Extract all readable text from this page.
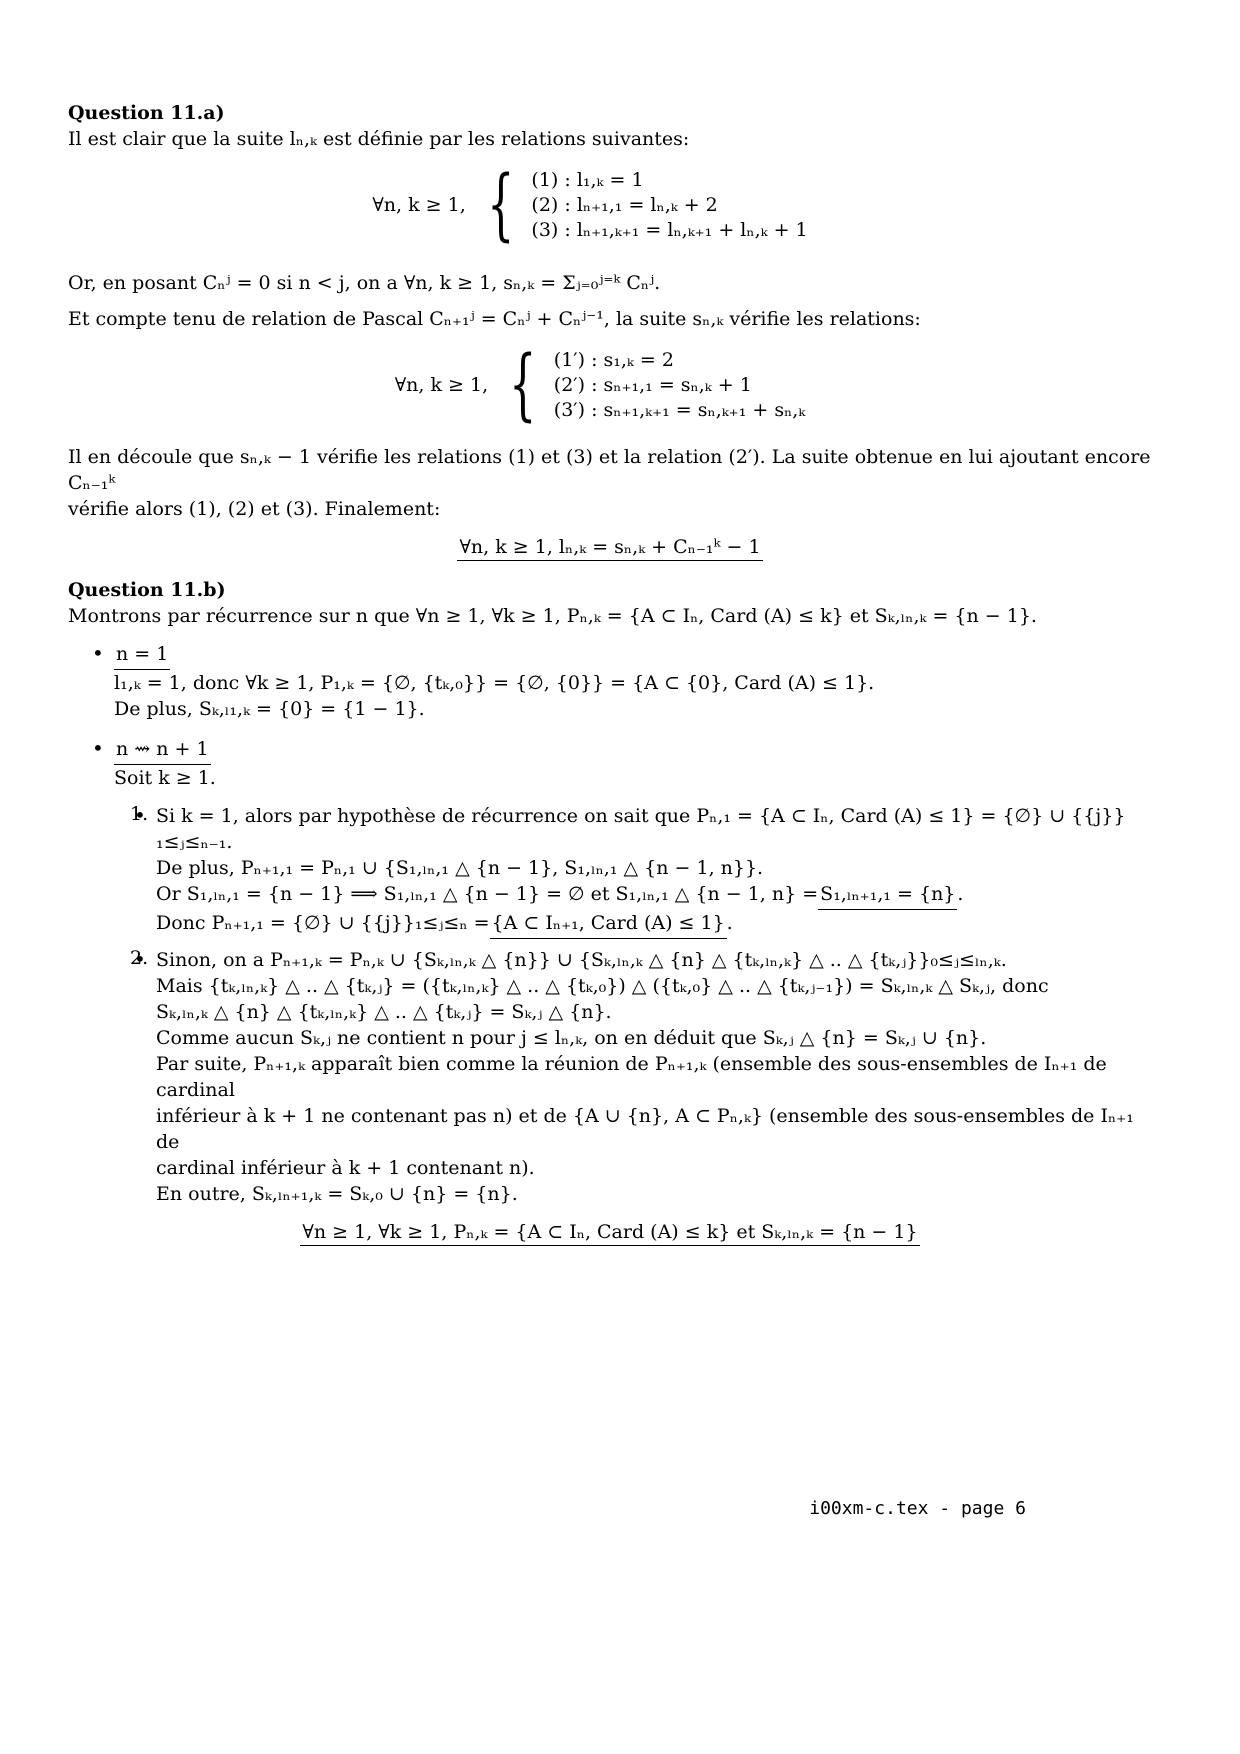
Question 11.a)

Il est clair que la suite lₙ,ₖ est définie par les relations suivantes:

∀n, k ≥ 1, { (1) : l₁,ₖ = 1
(2) : lₙ₊₁,₁ = lₙ,ₖ + 2
(3) : lₙ₊₁,ₖ₊₁ = lₙ,ₖ₊₁ + lₙ,ₖ + 1

Or, en posant Cₙʲ = 0 si n < j, on a ∀n, k ≥ 1, sₙ,ₖ = Σⱼ₌₀ʲ⁼ᵏ Cₙʲ.

Et compte tenu de relation de Pascal Cₙ₊₁ʲ = Cₙʲ + Cₙʲ⁻¹, la suite sₙ,ₖ vérifie les relations:

∀n, k ≥ 1, { (1′) : s₁,ₖ = 2
(2′) : sₙ₊₁,₁ = sₙ,ₖ + 1
(3′) : sₙ₊₁,ₖ₊₁ = sₙ,ₖ₊₁ + sₙ,ₖ

Il en découle que sₙ,ₖ − 1 vérifie les relations (1) et (3) et la relation (2′). La suite obtenue en lui ajoutant encore Cₙ₋₁ᵏ

vérifie alors (1), (2) et (3). Finalement:

∀n, k ≥ 1, lₙ,ₖ = sₙ,ₖ + Cₙ₋₁ᵏ − 1
Question 11.b)

Montrons par récurrence sur n que ∀n ≥ 1, ∀k ≥ 1, Pₙ,ₖ = {A ⊂ Iₙ, Card (A) ≤ k} et Sₖ,ₗₙ,ₖ = {n − 1}.

• n = 1
l₁,ₖ = 1, donc ∀k ≥ 1, P₁,ₖ = {∅, {tₖ,₀}} = {∅, {0}} = {A ⊂ {0}, Card (A) ≤ 1}.
De plus, Sₖ,ₗ₁,ₖ = {0} = {1 − 1}.
• n ⇝ n + 1
Soit k ≥ 1.
• 1. Si k = 1, alors par hypothèse de récurrence on sait que Pₙ,₁ = {A ⊂ Iₙ, Card (A) ≤ 1} = {∅} ∪ {{j}}₁≤ⱼ≤ₙ₋₁.
De plus, Pₙ₊₁,₁ = Pₙ,₁ ∪ {S₁,ₗₙ,₁ △ {n − 1}, S₁,ₗₙ,₁ △ {n − 1, n}}.
Or S₁,ₗₙ,₁ = {n − 1} ⟹ S₁,ₗₙ,₁ △ {n − 1} = ∅ et S₁,ₗₙ,₁ △ {n − 1, n} = S₁,ₗₙ₊₁,₁ = {n} .
Donc Pₙ₊₁,₁ = {∅} ∪ {{j}}₁≤ⱼ≤ₙ = {A ⊂ Iₙ₊₁, Card (A) ≤ 1} .
• 2. Sinon, on a Pₙ₊₁,ₖ = Pₙ,ₖ ∪ {Sₖ,ₗₙ,ₖ △ {n}} ∪ {Sₖ,ₗₙ,ₖ △ {n} △ {tₖ,ₗₙ,ₖ} △ .. △ {tₖ,ⱼ}}₀≤ⱼ≤ₗₙ,ₖ.
Mais {tₖ,ₗₙ,ₖ} △ .. △ {tₖ,ⱼ} = ({tₖ,ₗₙ,ₖ} △ .. △ {tₖ,₀}) △ ({tₖ,₀} △ .. △ {tₖ,ⱼ₋₁}) = Sₖ,ₗₙ,ₖ △ Sₖ,ⱼ, donc
Sₖ,ₗₙ,ₖ △ {n} △ {tₖ,ₗₙ,ₖ} △ .. △ {tₖ,ⱼ} = Sₖ,ⱼ △ {n}.
Comme aucun Sₖ,ⱼ ne contient n pour j ≤ lₙ,ₖ, on en déduit que Sₖ,ⱼ △ {n} = Sₖ,ⱼ ∪ {n}.
Par suite, Pₙ₊₁,ₖ apparaît bien comme la réunion de Pₙ₊₁,ₖ (ensemble des sous-ensembles de Iₙ₊₁ de cardinal
inférieur à k + 1 ne contenant pas n) et de {A ∪ {n}, A ⊂ Pₙ,ₖ} (ensemble des sous-ensembles de Iₙ₊₁ de
cardinal inférieur à k + 1 contenant n).
En outre, Sₖ,ₗₙ₊₁,ₖ = Sₖ,₀ ∪ {n} = {n}.
∀n ≥ 1, ∀k ≥ 1, Pₙ,ₖ = {A ⊂ Iₙ, Card (A) ≤ k} et Sₖ,ₗₙ,ₖ = {n − 1}
i00xm-c.tex - page 6
